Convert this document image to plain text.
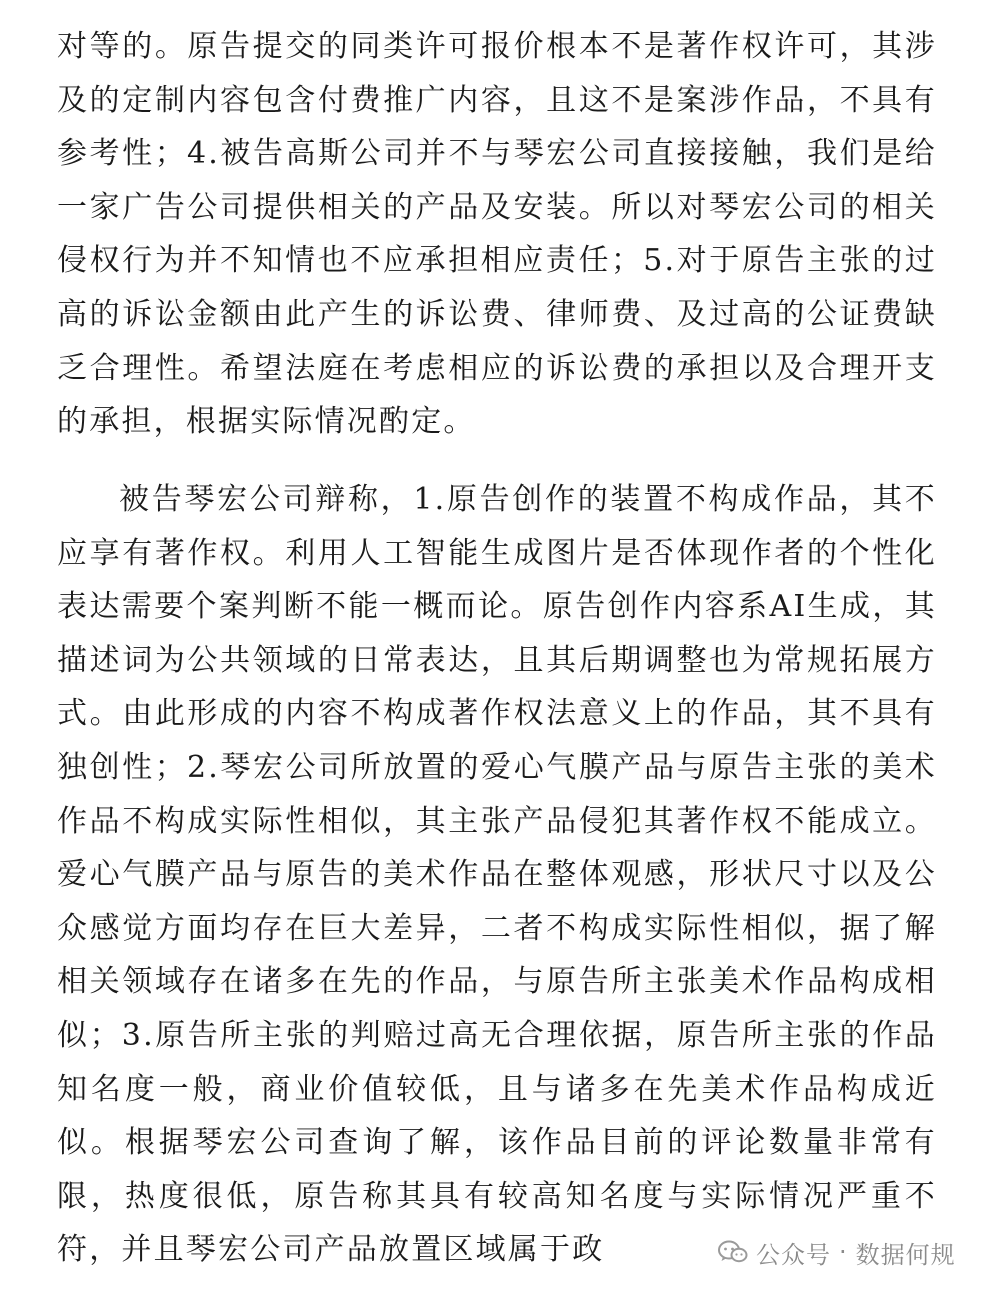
对等的。原告提交的同类许可报价根本不是著作权许可，其涉及的定制内容包含付费推广内容，且这不是案涉作品，不具有参考性；4.被告高斯公司并不与琴宏公司直接接触，我们是给一家广告公司提供相关的产品及安装。所以对琴宏公司的相关侵权行为并不知情也不应承担相应责任；5.对于原告主张的过高的诉讼金额由此产生的诉讼费、律师费、及过高的公证费缺乏合理性。希望法庭在考虑相应的诉讼费的承担以及合理开支的承担，根据实际情况酌定。

被告琴宏公司辩称，1.原告创作的装置不构成作品，其不应享有著作权。利用人工智能生成图片是否体现作者的个性化表达需要个案判断不能一概而论。原告创作内容系AI生成，其描述词为公共领域的日常表达，且其后期调整也为常规拓展方式。由此形成的内容不构成著作权法意义上的作品，其不具有独创性；2.琴宏公司所放置的爱心气膜产品与原告主张的美术作品不构成实际性相似，其主张产品侵犯其著作权不能成立。爱心气膜产品与原告的美术作品在整体观感，形状尺寸以及公众感觉方面均存在巨大差异，二者不构成实际性相似，据了解相关领域存在诸多在先的作品，与原告所主张美术作品构成相似；3.原告所主张的判赔过高无合理依据，原告所主张的作品知名度一般，商业价值较低，且与诸多在先美术作品构成近似。根据琴宏公司查询了解，该作品目前的评论数量非常有限，热度很低，原告称其具有较高知名度与实际情况严重不符，并且琴宏公司产品放置区域属于政	公众号 · 数据何规
